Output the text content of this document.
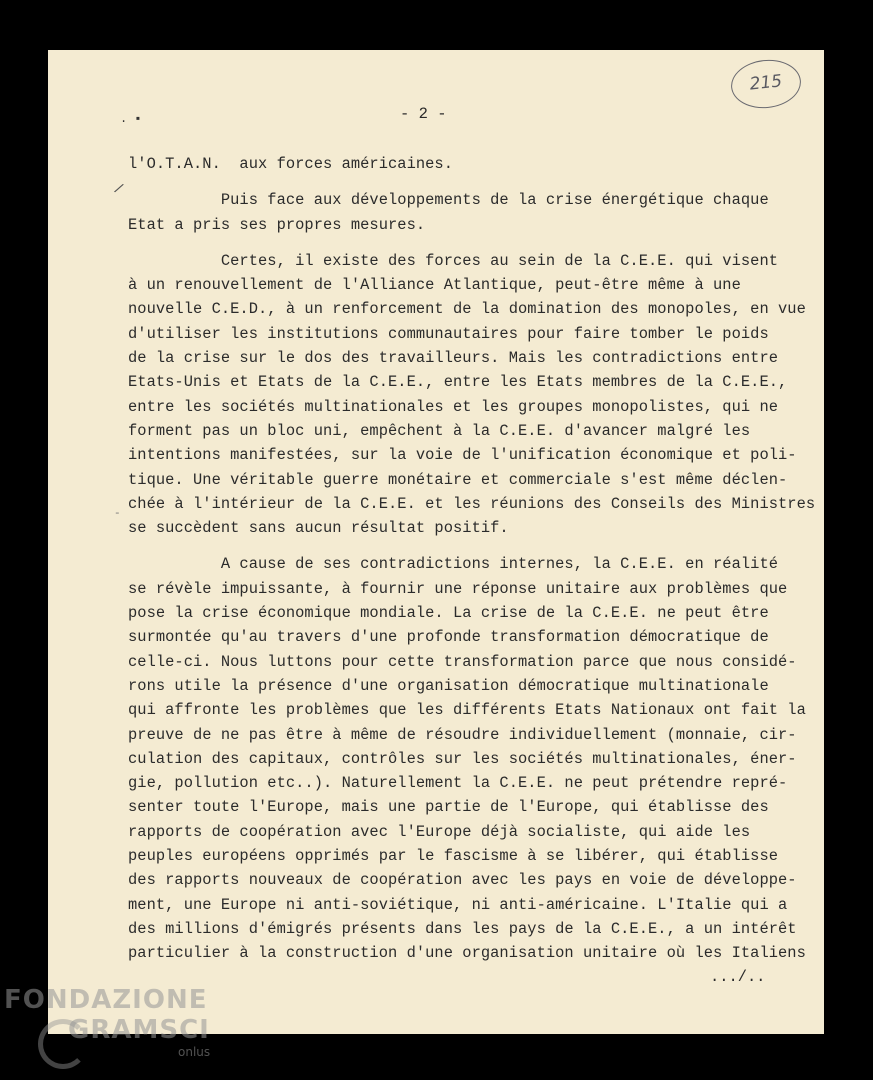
. ▪	- 2 -
215
/
-
l'O.T.A.N.  aux forces américaines.
Puis face aux développements de la crise énergétique chaque
Etat a pris ses propres mesures.
Certes, il existe des forces au sein de la C.E.E. qui visent
à un renouvellement de l'Alliance Atlantique, peut-être même à une
nouvelle C.E.D., à un renforcement de la domination des monopoles, en vue
d'utiliser les institutions communautaires pour faire tomber le poids
de la crise sur le dos des travailleurs. Mais les contradictions entre
Etats-Unis et Etats de la C.E.E., entre les Etats membres de la C.E.E.,
entre les sociétés multinationales et les groupes monopolistes, qui ne
forment pas un bloc uni, empêchent à la C.E.E. d'avancer malgré les
intentions manifestées, sur la voie de l'unification économique et poli-
tique. Une véritable guerre monétaire et commerciale s'est même déclen-
chée à l'intérieur de la C.E.E. et les réunions des Conseils des Ministres
se succèdent sans aucun résultat positif.
A cause de ses contradictions internes, la C.E.E. en réalité
se révèle impuissante, à fournir une réponse unitaire aux problèmes que
pose la crise économique mondiale. La crise de la C.E.E. ne peut être
surmontée qu'au travers d'une profonde transformation démocratique de
celle-ci. Nous luttons pour cette transformation parce que nous considé-
rons utile la présence d'une organisation démocratique multinationale
qui affronte les problèmes que les différents Etats Nationaux ont fait la
preuve de ne pas être à même de résoudre individuellement (monnaie, cir-
culation des capitaux, contrôles sur les sociétés multinationales, éner-
gie, pollution etc..). Naturellement la C.E.E. ne peut prétendre repré-
senter toute l'Europe, mais une partie de l'Europe, qui établisse des
rapports de coopération avec l'Europe déjà socialiste, qui aide les
peuples européens opprimés par le fascisme à se libérer, qui établisse
des rapports nouveaux de coopération avec les pays en voie de développe-
ment, une Europe ni anti-soviétique, ni anti-américaine. L'Italie qui a
des millions d'émigrés présents dans les pays de la C.E.E., a un intérêt
particulier à la construction d'une organisation unitaire où les Italiens
.../..
FONDAZIONE
GRAMSCI
onlus
